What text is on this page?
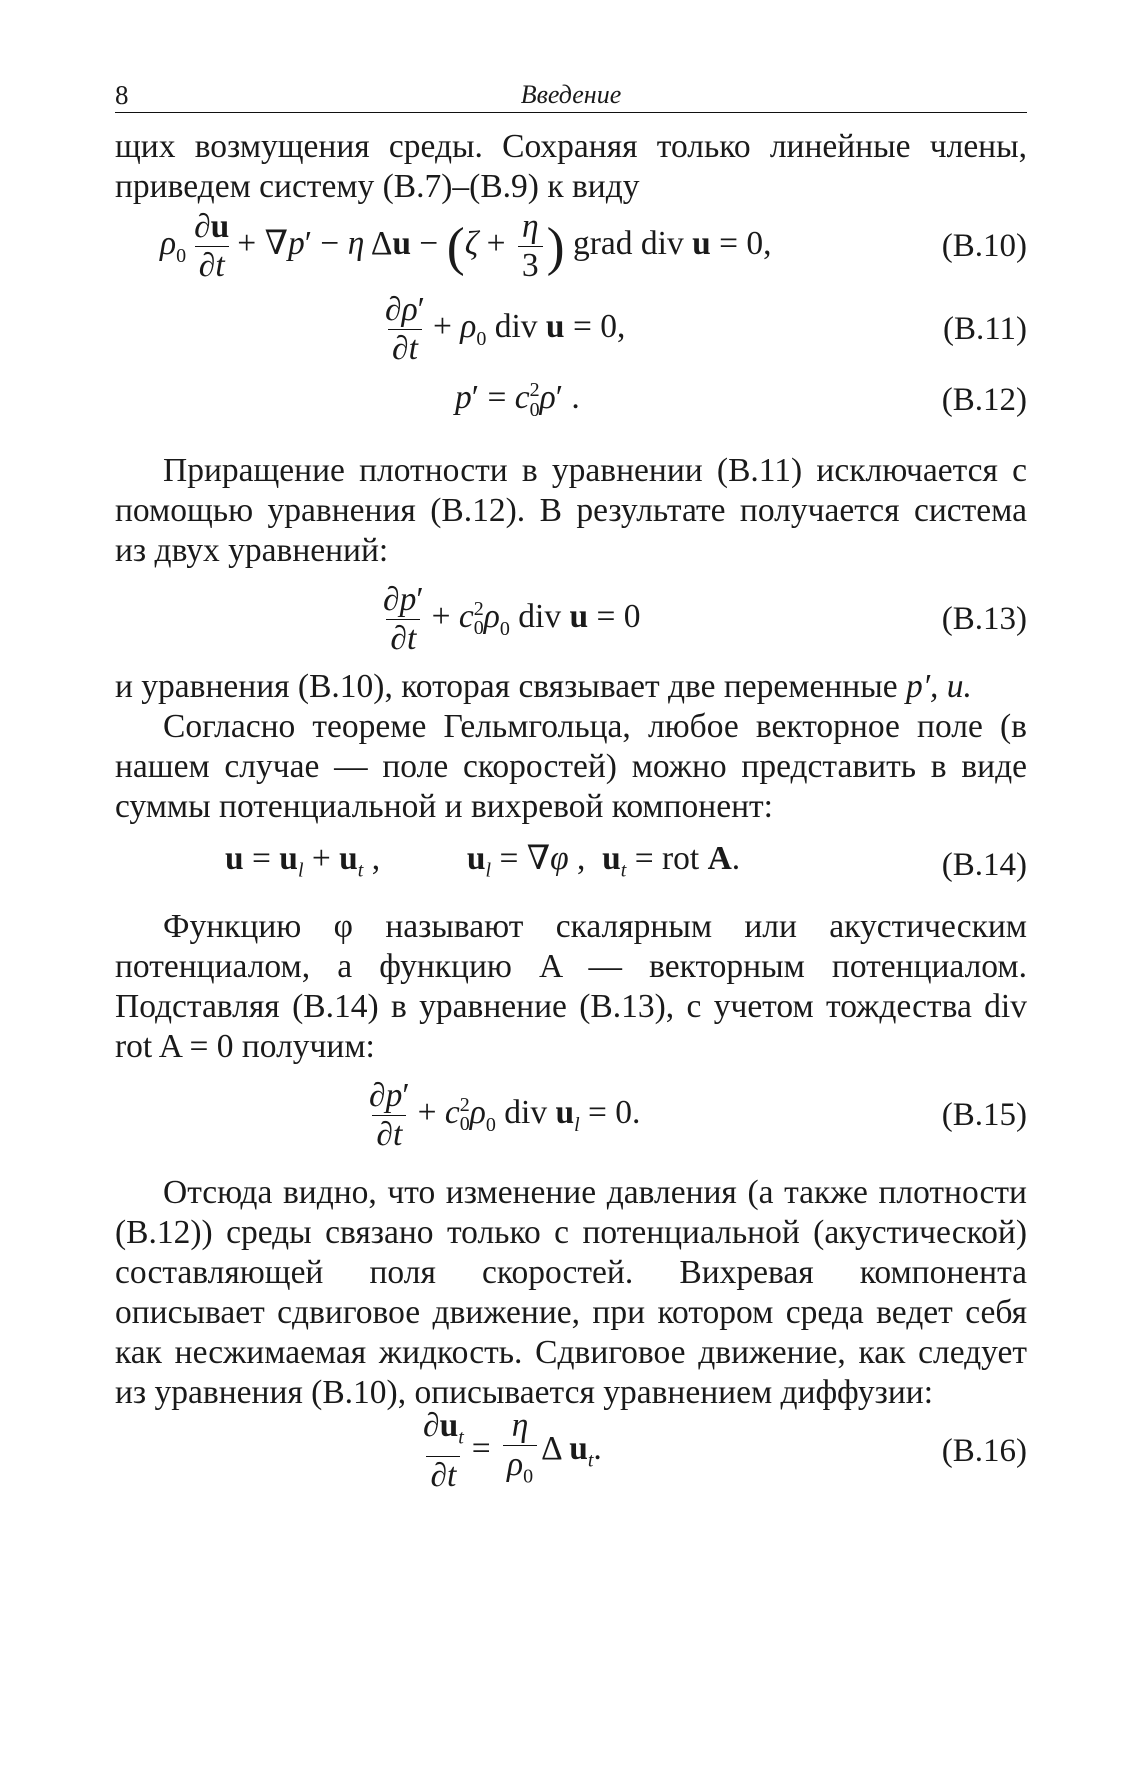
8	Введение

щих возмущения среды. Сохраняя только линейные члены, приведем систему (В.7)–(В.9) к виду

$\rho_0 \frac{\partial u}{\partial t} + \nabla p' - \eta$ $\Delta u - (\zeta + \frac{\eta}{3}$ ) grad div u = 0,	(В.10)
$\frac{\partial\rho'}{\partial t} + \rho_0$ div u = 0,	(В.11)
$p' = c^2_0\rho'$ .	(В.12)

Приращение плотности в уравнении (В.11) исключается с помощью уравнения (В.12). В результате получается система из двух уравнений:

$\frac{\partial p'}{\partial t} + c^2_0\rho_0$ div u = 0	(В.13)

и уравнения (В.10), которая связывает две переменные p′, u.

Согласно теореме Гельмгольца, любое векторное поле (в нашем случае — поле скоростей) можно представить в виде суммы потенциальной и вихревой компонент:

$u = u_l + u_t$ ,  $u_l = \nabla\varphi$ ,  $u_t$ = rot A.	(В.14)

Функцию φ называют скалярным или акустическим потенциалом, а функцию A — векторным потенциалом. Подставляя (В.14) в уравнение (В.13), с учетом тождества div rot A = 0 получим:

$\frac{\partial p'}{\partial t} + c^2_0\rho_0$ div $u_l = 0$.	(В.15)

Отсюда видно, что изменение давления (а также плотности (В.12)) среды связано только с потенциальной (акустической) составляющей поля скоростей. Вихревая компонента описывает сдвиговое движение, при котором среда ведет себя как несжимаемая жидкость. Сдвиговое движение, как следует из уравнения (В.10), описывается уравнением диффузии:

$\frac{\partial u_t}{\partial t} = \frac{\eta}{\rho_0}$ Δ $u_t$.	(В.16)
